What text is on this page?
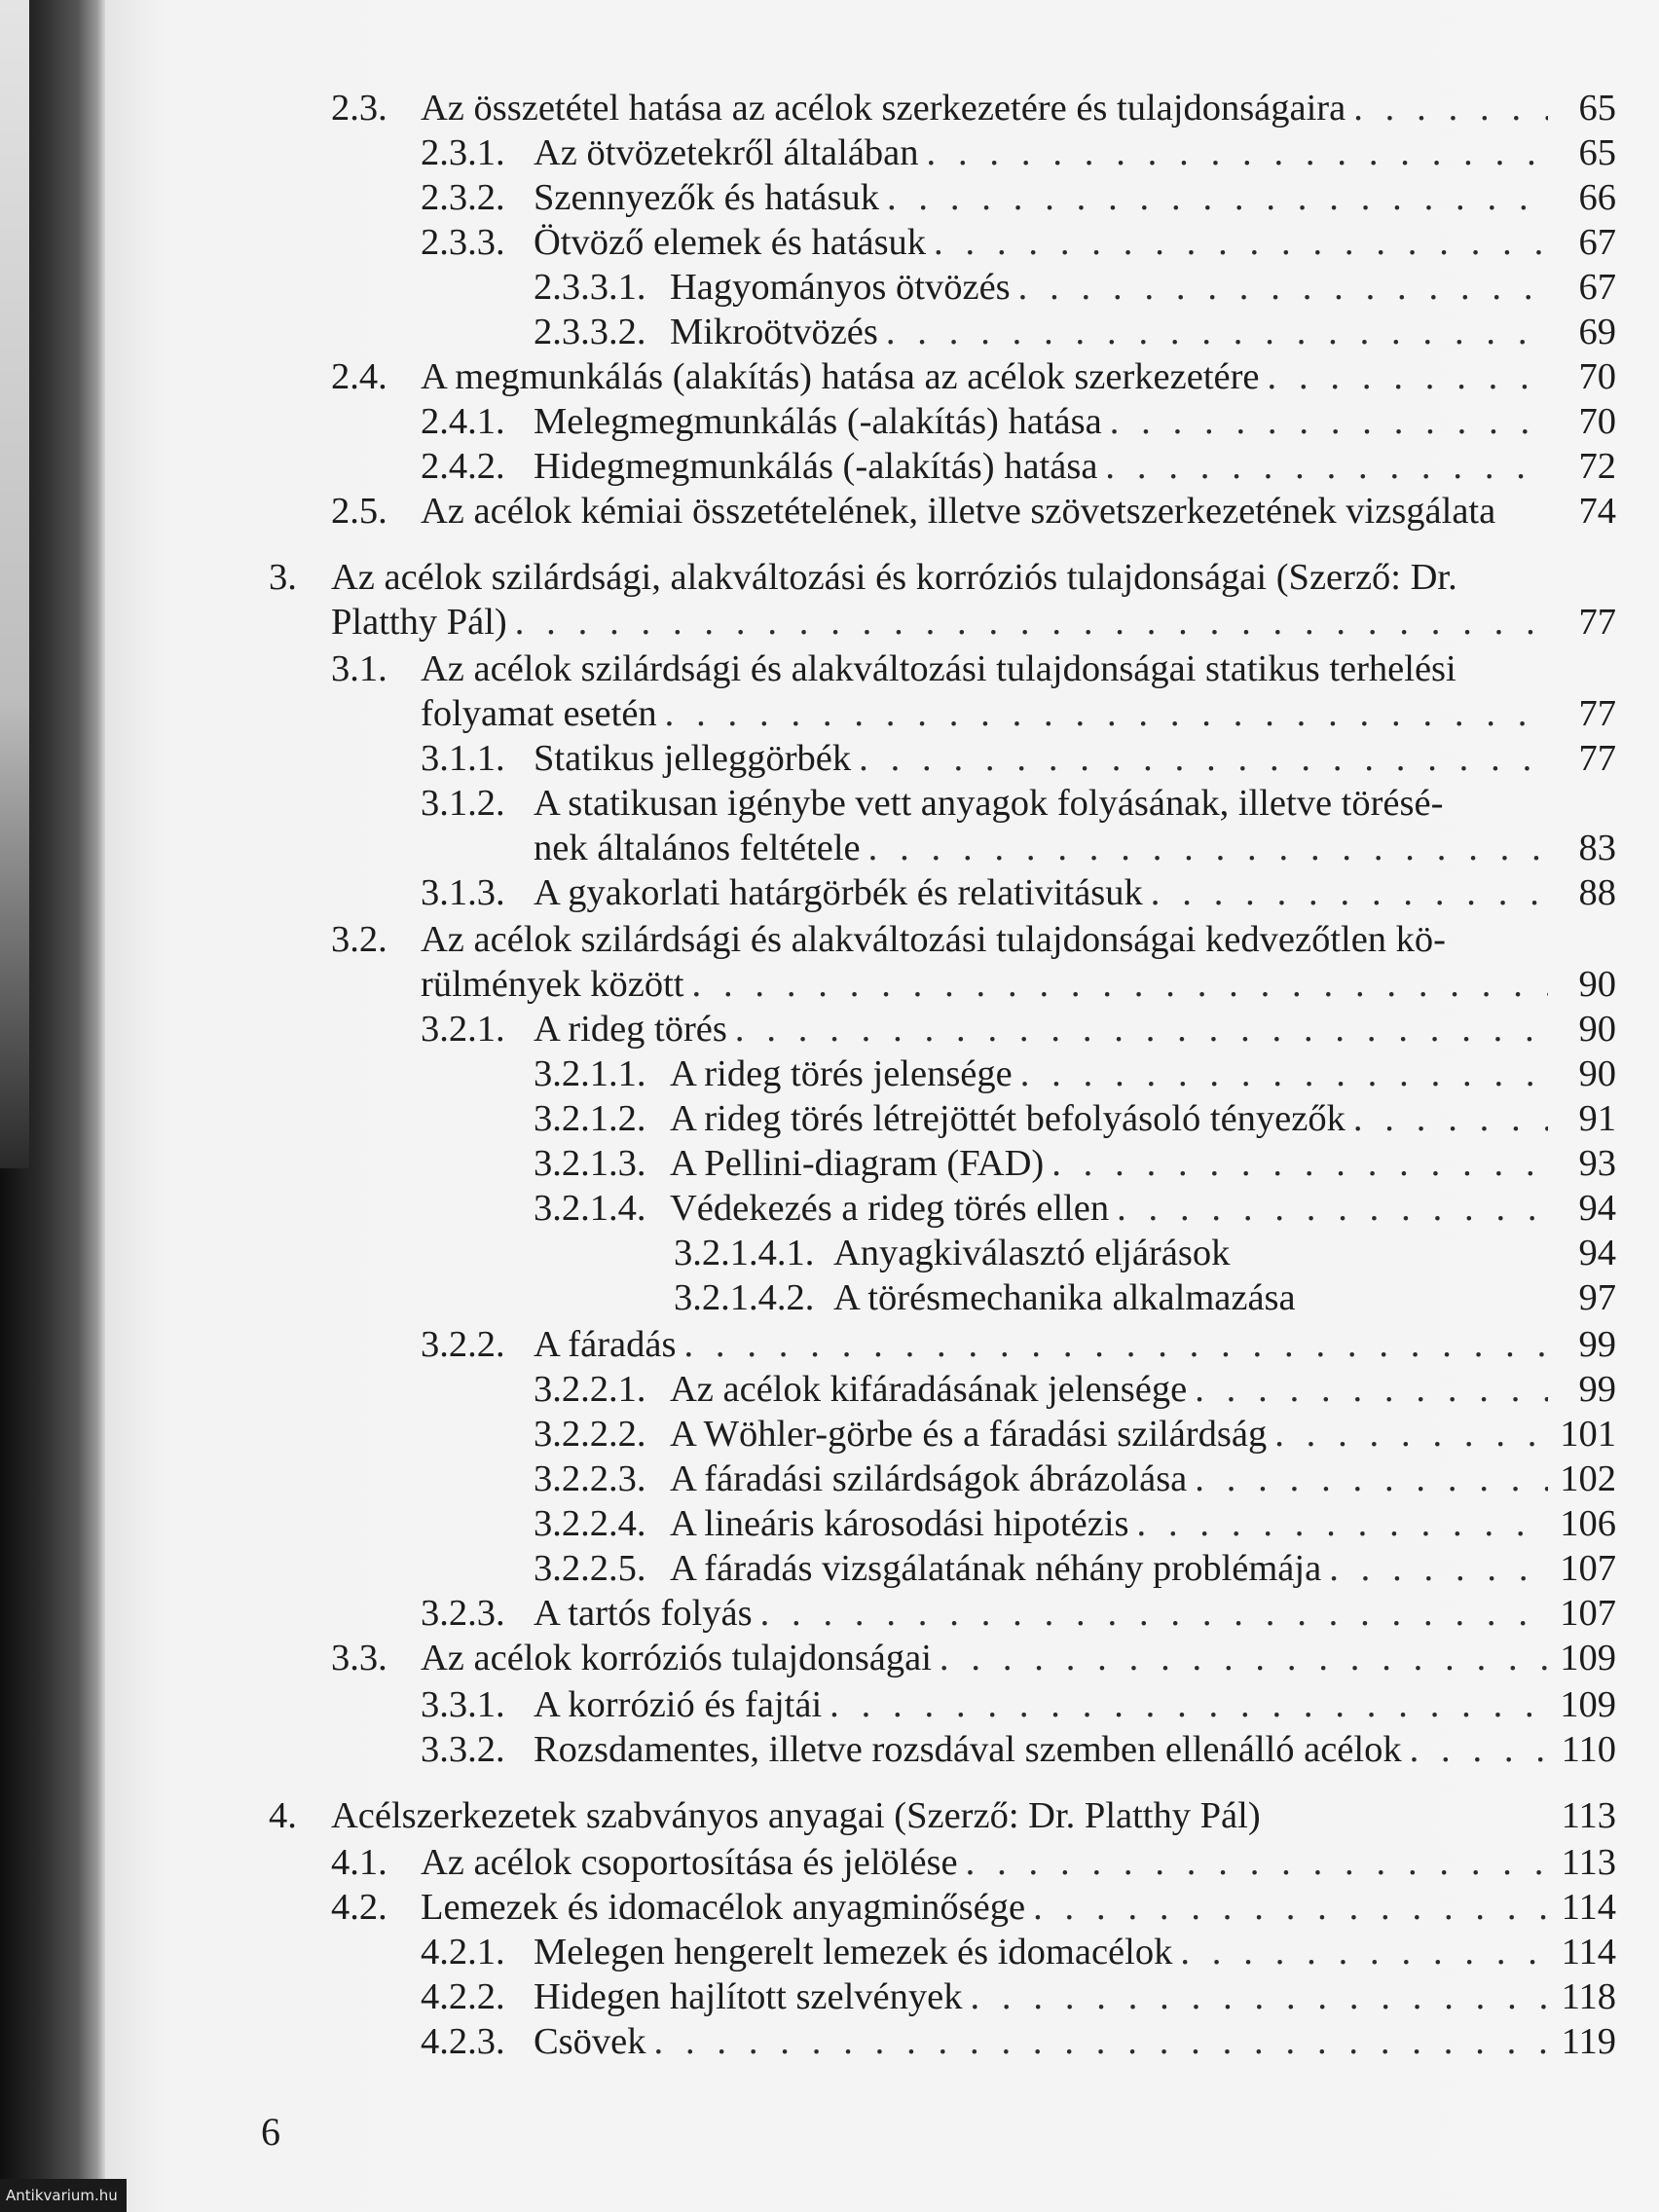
2.3. Az összetétel hatása az acélok szerkezetére és tulajdonságaira . . .	65
2.3.1. Az ötvözetekről általában . . .	65
2.3.2. Szennyezők és hatásuk . . .	66
2.3.3. Ötvöző elemek és hatásuk . . .	67
2.3.3.1. Hagyományos ötvözés . . .	67
2.3.3.2. Mikroötvözés . . .	69
2.4. A megmunkálás (alakítás) hatása az acélok szerkezetére . . .	70
2.4.1. Melegmegmunkálás (-alakítás) hatása . . .	70
2.4.2. Hidegmegmunkálás (-alakítás) hatása . . .	72
2.5. Az acélok kémiai összetételének, illetve szövetszerkezetének vizsgálata	74
3. Az acélok szilárdsági, alakváltozási és korróziós tulajdonságai (Szerző: Dr.
Platthy Pál) . . .	77
3.1. Az acélok szilárdsági és alakváltozási tulajdonságai statikus terhelési
folyamat esetén . . .	77
3.1.1. Statikus jelleggörbék . . .	77
3.1.2. A statikusan igénybe vett anyagok folyásának, illetve törésé-
nek általános feltétele . . .	83
3.1.3. A gyakorlati határgörbék és relativitásuk . . .	88
3.2. Az acélok szilárdsági és alakváltozási tulajdonságai kedvezőtlen kö-
rülmények között . . .	90
3.2.1. A rideg törés . . .	90
3.2.1.1. A rideg törés jelensége . . .	90
3.2.1.2. A rideg törés létrejöttét befolyásoló tényezők . . .	91
3.2.1.3. A Pellini-diagram (FAD) . . .	93
3.2.1.4. Védekezés a rideg törés ellen . . .	94
3.2.1.4.1. Anyagkiválasztó eljárások	94
3.2.1.4.2. A törésmechanika alkalmazása	97
3.2.2. A fáradás . . .	99
3.2.2.1. Az acélok kifáradásának jelensége . . .	99
3.2.2.2. A Wöhler-görbe és a fáradási szilárdság . . .	101
3.2.2.3. A fáradási szilárdságok ábrázolása . . .	102
3.2.2.4. A lineáris károsodási hipotézis . . .	106
3.2.2.5. A fáradás vizsgálatának néhány problémája . . .	107
3.2.3. A tartós folyás . . .	107
3.3. Az acélok korróziós tulajdonságai . . .	109
3.3.1. A korrózió és fajtái . . .	109
3.3.2. Rozsdamentes, illetve rozsdával szemben ellenálló acélok . . .	110
4. Acélszerkezetek szabványos anyagai (Szerző: Dr. Platthy Pál)	113
4.1. Az acélok csoportosítása és jelölése . . .	113
4.2. Lemezek és idomacélok anyagminősége . . .	114
4.2.1. Melegen hengerelt lemezek és idomacélok . . .	114
4.2.2. Hidegen hajlított szelvények . . .	118
4.2.3. Csövek . . .	119
6
Antikvarium.hu
